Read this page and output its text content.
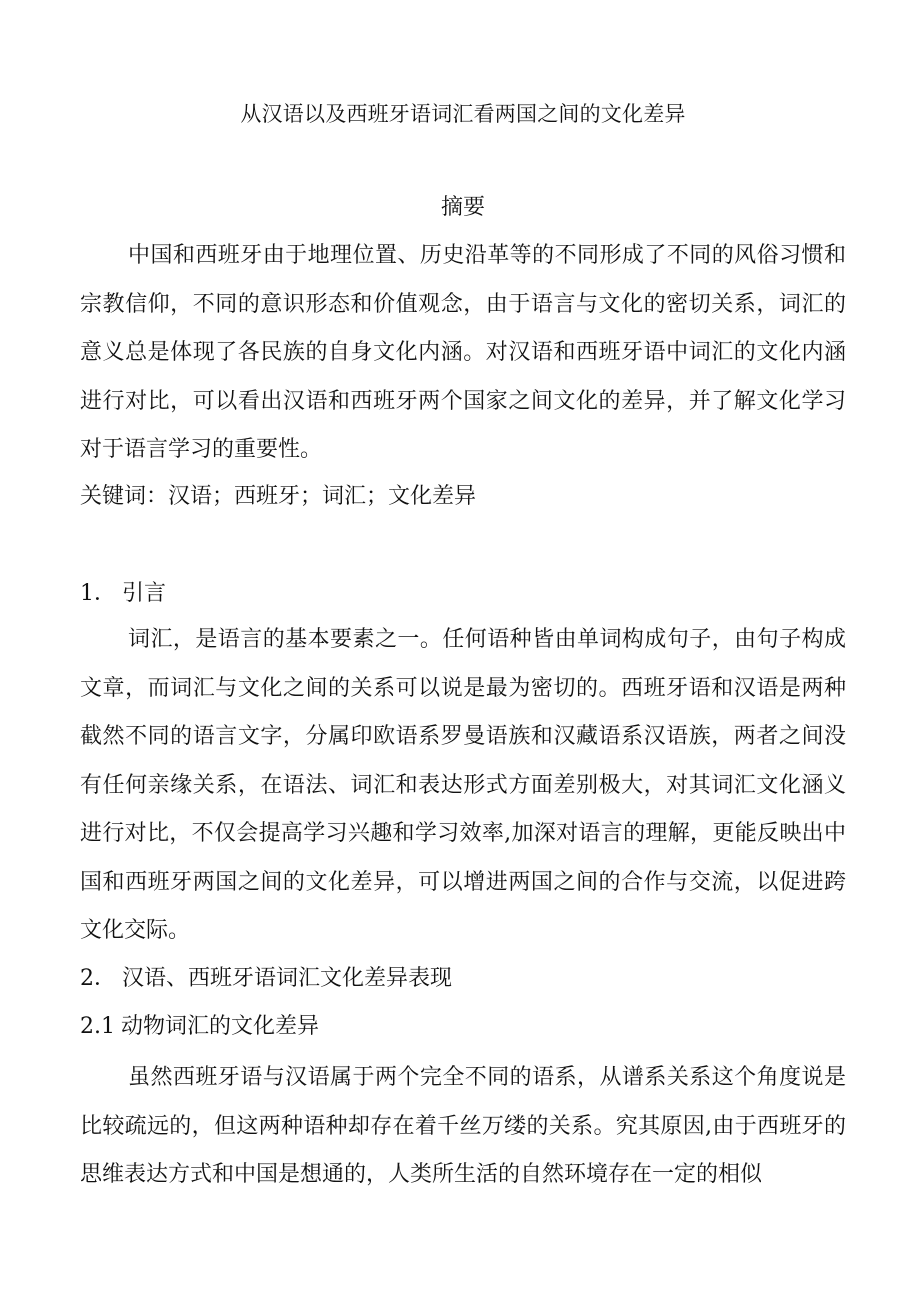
从汉语以及西班牙语词汇看两国之间的文化差异
摘要

中国和西班牙由于地理位置、历史沿革等的不同形成了不同的风俗习惯和宗教信仰，不同的意识形态和价值观念，由于语言与文化的密切关系，词汇的意义总是体现了各民族的自身文化内涵。对汉语和西班牙语中词汇的文化内涵进行对比，可以看出汉语和西班牙两个国家之间文化的差异，并了解文化学习对于语言学习的重要性。

关键词：汉语；西班牙；词汇；文化差异
1． 引言

词汇，是语言的基本要素之一。任何语种皆由单词构成句子，由句子构成文章，而词汇与文化之间的关系可以说是最为密切的。西班牙语和汉语是两种截然不同的语言文字，分属印欧语系罗曼语族和汉藏语系汉语族，两者之间没有任何亲缘关系，在语法、词汇和表达形式方面差别极大，对其词汇文化涵义进行对比，不仅会提高学习兴趣和学习效率,加深对语言的理解，更能反映出中国和西班牙两国之间的文化差异，可以增进两国之间的合作与交流，以促进跨文化交际。

2． 汉语、西班牙语词汇文化差异表现
2.1 动物词汇的文化差异

虽然西班牙语与汉语属于两个完全不同的语系，从谱系关系这个角度说是比较疏远的，但这两种语种却存在着千丝万缕的关系。究其原因,由于西班牙的思维表达方式和中国是想通的，人类所生活的自然环境存在一定的相似
